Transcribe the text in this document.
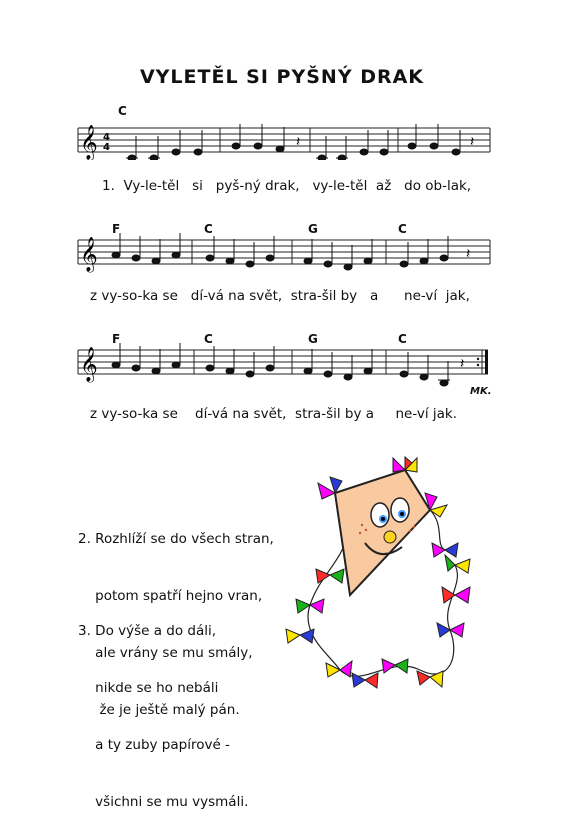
VYLETĚL SI PYŠNÝ DRAK
𝄞 4
4	𝄽	𝄽
C
1.  Vy-le-těl   si   pyš-ný drak,   vy-le-těl  až   do ob-lak,
𝄞	𝄽
F	C	G	C
z vy-so-ka se   dí-vá na svět,  stra-šil by   a      ne-ví  jak,
𝄞	𝄽
F	C	G	C
MK.
z vy-so-ka se    dí-vá na svět,  stra-šil by a     ne-ví jak.

2. Rozhlíží se do všech stran,

potom spatří hejno vran,

ale vrány se mu smály,

že je ještě malý pán.

3. Do výše a do dáli,

nikde se ho nebáli

a ty zuby papírové -

všichni se mu vysmáli.
